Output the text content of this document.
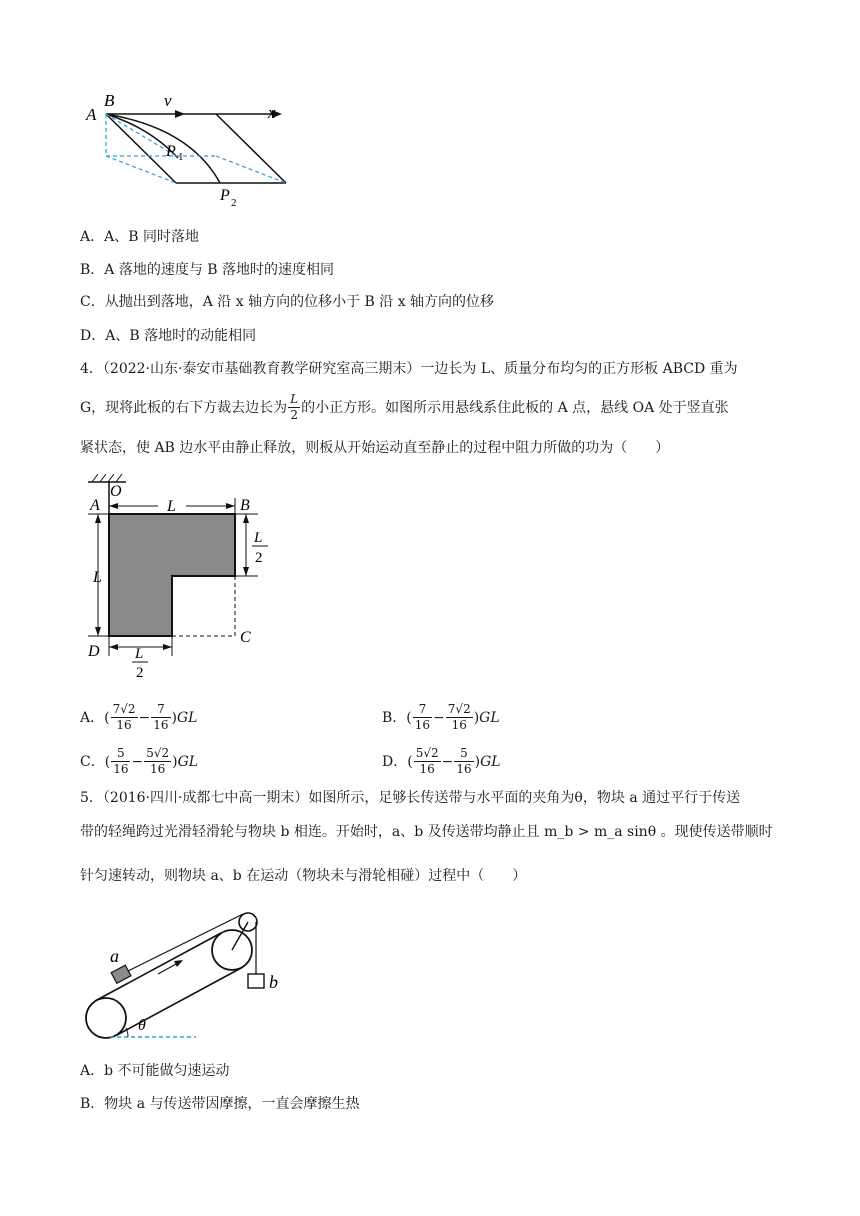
A
B	v
x
P 1
P 2
A．A、B 同时落地
B．A 落地的速度与 B 落地时的速度相同
C．从抛出到落地，A 沿 x 轴方向的位移小于 B 沿 x 轴方向的位移
D．A、B 落地时的动能相同
4．（2022·山东·泰安市基础教育教学研究室高三期末）一边长为 L、质量分布均匀的正方形板 ABCD 重为
G，现将此板的右下方裁去边长为 $\frac{L}{2}$ 的小正方形。如图所示用悬线系住此板的 A 点，悬线 OA 处于竖直张
紧状态，使 AB 边水平由静止释放，则板从开始运动直至静止的过程中阻力所做的功为（　　）
O
A	B
C
D
L
L
L
2
L
2
A． ( $\frac{7√2}{16} - \frac{7}{16}$ ) GL	B． ( $\frac{7}{16} - \frac{7√2}{16}$ ) GL
C． ( $\frac{5}{16} - \frac{5√2}{16}$ ) GL	D． ( $\frac{5√2}{16} - \frac{5}{16}$ ) GL
5．（2016·四川·成都七中高一期末）如图所示，足够长传送带与水平面的夹角为θ，物块 a 通过平行于传送
带的轻绳跨过光滑轻滑轮与物块 b 相连。开始时，a、b 及传送带均静止且 m_b > m_a sinθ 。现使传送带顺时
针匀速转动，则物块 a、b 在运动（物块未与滑轮相碰）过程中（　　）
a
b
θ
A．b 不可能做匀速运动
B．物块 a 与传送带因摩擦，一直会摩擦生热
